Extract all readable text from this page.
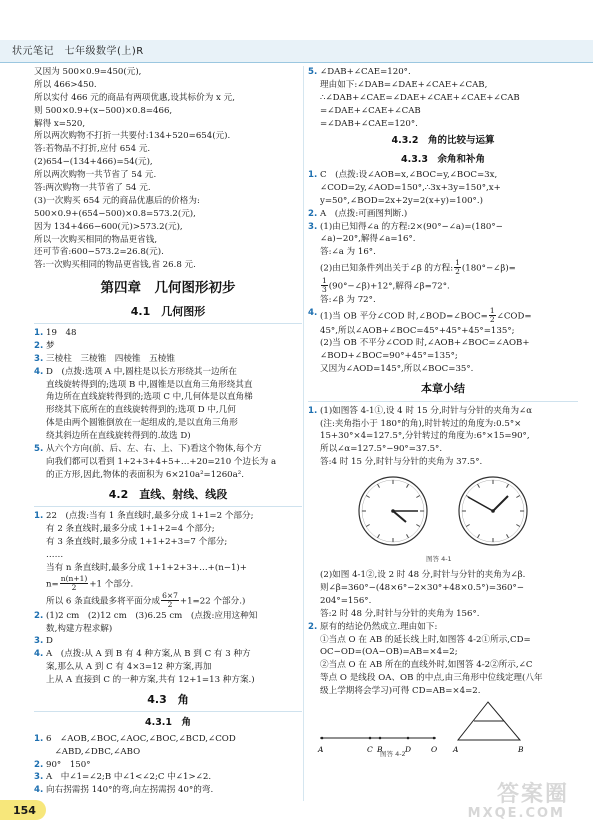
状元笔记　七年级数学(上)R
又因为 500×0.9=450(元),
所以 466>450.
所以实付 466 元的商品有两项优惠,设其标价为 x 元,
则 500×0.9+(x−500)×0.8=466,
解得 x=520,
所以两次购物不打折一共要付:134+520=654(元).
答:若物品不打折,应付 654 元.
(2)654−(134+466)=54(元),
所以两次购物一共节省了 54 元.
答:两次购物一共节省了 54 元.
(3)一次购买 654 元的商品优惠后的价格为:
500×0.9+(654−500)×0.8=573.2(元),
因为 134+466−600(元)>573.2(元),
所以一次购买相同的物品更省钱,
还可节省:600−573.2=26.8(元).
答:一次购买相同的物品更省钱,省 26.8 元.
第四章　几何图形初步
4.1　几何图形
1. 19　48
2. 梦
3. 三棱柱　三棱锥　四棱锥　五棱锥
4. D　(点拨:选项 A 中,圆柱是以长方形绕其一边所在
直线旋转得到的;选项 B 中,圆锥是以直角三角形绕其直
角边所在直线旋转得到的;选项 C 中,几何体是以直角梯
形绕其下底所在的直线旋转得到的;选项 D 中,几何
体是由两个圆锥倒放在一起组成的,是以直角三角形
绕其斜边所在直线旋转得到的.故选 D)
5. 从六个方向(前、后、左、右、上、下)看这个物体,每个方
向我们都可以看到 1+2+3+4+5+…+20=210 个边长为 a
的正方形,因此,物体的表面积为 6×210a²=1260a².
4.2　直线、射线、线段
1. 22　(点拨:当有 1 条直线时,最多分成 1+1=2 个部分;
有 2 条直线时,最多分成 1+1+2=4 个部分;
有 3 条直线时,最多分成 1+1+2+3=7 个部分;
……
当有 n 条直线时,最多分成 1+1+2+3+…+(n−1)+
$n= \frac{n(n+1)}{2} +1$ 个部分.
所以 6 条直线最多将平面分成 $\frac{6\times 7}{2} +1=22$ 个部分.)
2. (1)2 cm　(2)12 cm　(3)6.25 cm　(点拨:应用这种知
数,构建方程求解)
3. D
4. A　(点拨:从 A 到 B 有 4 种方案,从 B 到 C 有 3 种方
案,那么从 A 到 C 有 4×3=12 种方案,再加
上从 A 直接到 C 的一种方案,共有 12+1=13 种方案.)
4.3　角
4.3.1　角
1. 6　∠AOB,∠BOC,∠AOC,∠BOC,∠BCD,∠COD
　∠ABD,∠DBC,∠ABO
2. 90°　150°
3. A　中∠1=∠2;B 中∠1<∠2;C 中∠1>∠2.
4. 向右拐需拐 140°的弯,向左拐需拐 40°的弯.
5. ∠DAB+∠CAE=120°.
理由如下:∠DAB=∠DAE+∠CAE+∠CAB,
∴∠DAB+∠CAE=∠DAE+∠CAE+∠CAE+∠CAB
=∠DAE+∠CAE+∠CAB
=∠DAB+∠CAE=120°.
4.3.2　角的比较与运算
4.3.3　余角和补角
1. C　(点拨:设∠AOB=x,∠BOC=y,∠BOC=3x,
∠COD=2y,∠AOD=150°,∴3x+3y=150°,x+
y=50°,∠BOD=2x+2y=2(x+y)=100°.)
2. A　(点拨:可画图判断.)
3. (1)由已知得∠a 的方程:2×(90°−∠a)=(180°−
∠a)−20°,解得∠a=16°.
答:∠a 为 16°.
(2)由已知条件列出关于∠β 的方程: $\frac{1}{2}$ (180°−∠β)=
$\frac{1}{3}$ (90°−∠β)+12°,解得∠β=72°.
答:∠β 为 72°.
4. (1)当 OB 平分∠COD 时,∠BOD=∠BOC= $\frac{1}{2}$ ∠COD=
45°,所以∠AOB+∠BOC=45°+45°+45°=135°;
(2)当 OB 不平分∠COD 时,∠AOB+∠BOC=∠AOB+
∠BOD+∠BOC=90°+45°=135°;
又因为∠AOD=145°,所以∠BOC=35°.
本章小结
1. (1)如图答 4-1①,设 4 时 15 分,时针与分针的夹角为∠α
(注:夹角指小于 180°的角),时针转过的角度为:0.5°×
15+30°×4=127.5°,分针转过的角度为:6°×15=90°,
所以∠α=127.5°−90°=37.5°.
答:4 时 15 分,时针与分针的夹角为 37.5°.
图答 4-1
(2)如图 4-1②,设 2 时 48 分,时针与分针的夹角为∠β.
则∠β=360°−(48×6°−2×30°+48×0.5°)=360°−
204°=156°.
答:2 时 48 分,时针与分针的夹角为 156°.
2. 原有的结论仍然成立.理由如下:
①当点 O 在 AB 的延长线上时,如图答 4-2①所示,CD=
OC−OD=(OA−OB)=AB=×4=2;
②当点 O 在 AB 所在的直线外时,如图答 4-2②所示,∠C
等点 O 是线段 OA、OB 的中点,由三角形中位线定理(八年
级上学期将会学习)可得 CD=AB=×4=2.
A	C B	D	O A	B
图答 4-2
154
答案圈
MXQE.COM
